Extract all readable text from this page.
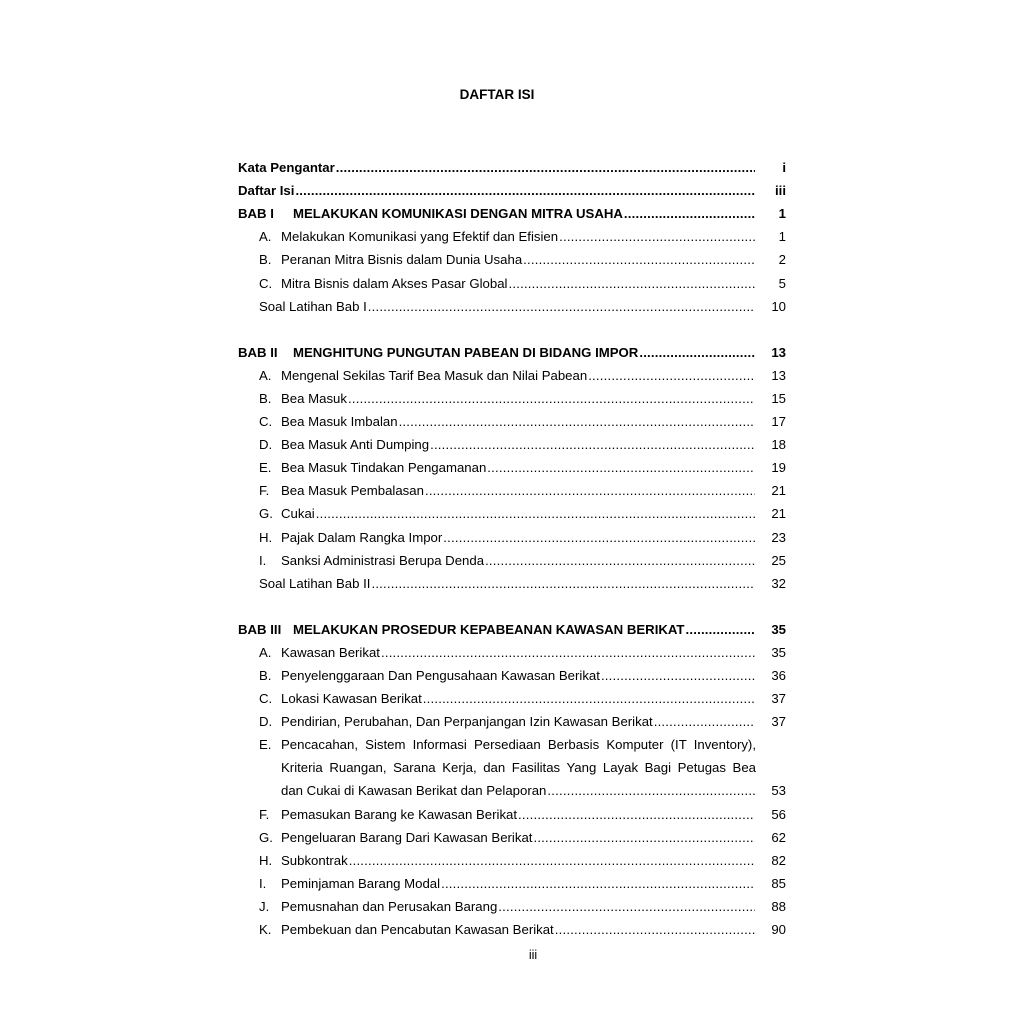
DAFTAR ISI
Kata Pengantar .....	i
Daftar Isi .....	iii
BAB I MELAKUKAN KOMUNIKASI DENGAN MITRA USAHA .....	1
A. Melakukan Komunikasi yang Efektif dan Efisien .....	1
B. Peranan Mitra Bisnis dalam Dunia Usaha .....	2
C. Mitra Bisnis dalam Akses Pasar Global .....	5
Soal Latihan Bab I .....	10
BAB II MENGHITUNG PUNGUTAN PABEAN DI BIDANG IMPOR .....	13
A. Mengenal Sekilas Tarif Bea Masuk dan Nilai Pabean .....	13
B. Bea Masuk .....	15
C. Bea Masuk Imbalan .....	17
D. Bea Masuk Anti Dumping .....	18
E. Bea Masuk Tindakan Pengamanan .....	19
F. Bea Masuk Pembalasan .....	21
G. Cukai .....	21
H. Pajak Dalam Rangka Impor .....	23
I. Sanksi Administrasi Berupa Denda .....	25
Soal Latihan Bab II .....	32
BAB III MELAKUKAN PROSEDUR KEPABEANAN KAWASAN BERIKAT .....	35
A. Kawasan Berikat .....	35
B. Penyelenggaraan Dan Pengusahaan Kawasan Berikat .....	36
C. Lokasi Kawasan Berikat .....	37
D. Pendirian, Perubahan, Dan Perpanjangan Izin Kawasan Berikat .....	37
E. Pencacahan, Sistem Informasi Persediaan Berbasis Komputer (IT Inventory),
Kriteria Ruangan, Sarana Kerja, dan Fasilitas Yang Layak Bagi Petugas Bea
dan Cukai di Kawasan Berikat dan Pelaporan .....	53
F. Pemasukan Barang ke Kawasan Berikat .....	56
G. Pengeluaran Barang Dari Kawasan Berikat .....	62
H. Subkontrak .....	82
I. Peminjaman Barang Modal .....	85
J. Pemusnahan dan Perusakan Barang .....	88
K. Pembekuan dan Pencabutan Kawasan Berikat .....	90
iii
